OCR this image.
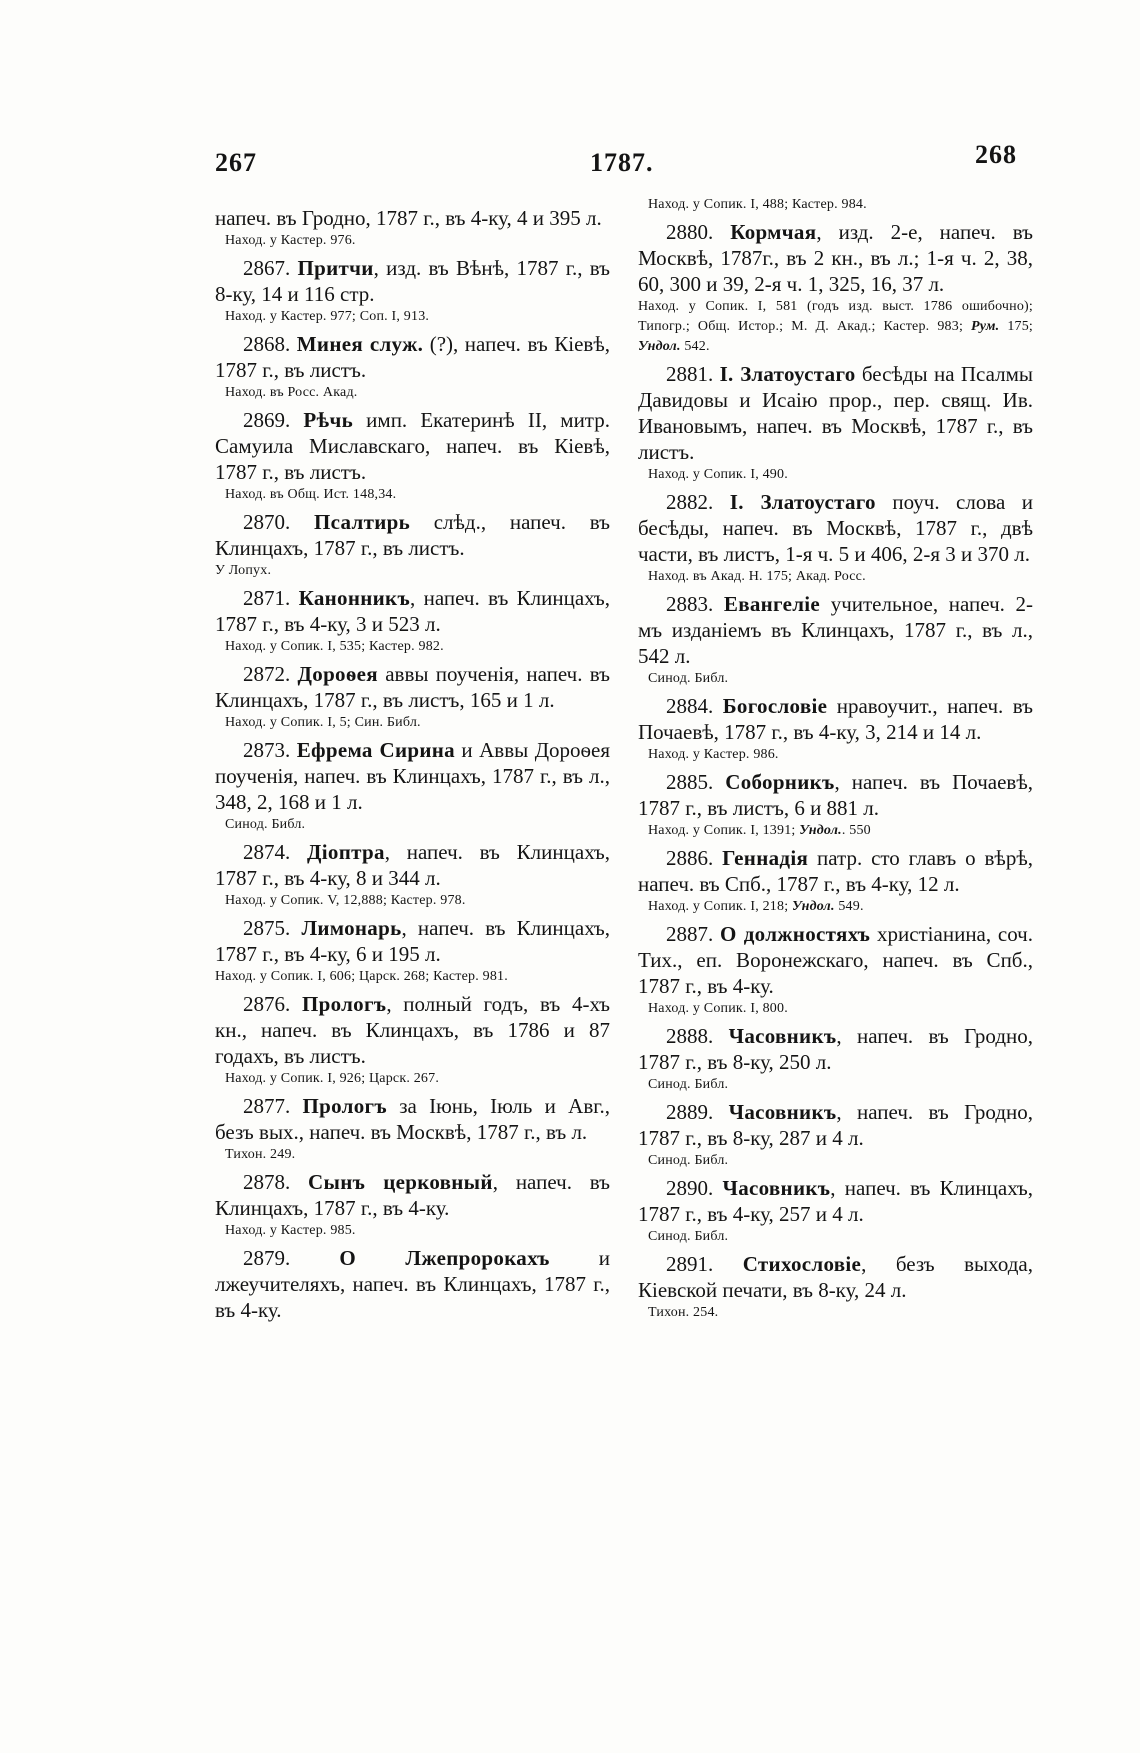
267	1787.	268

напеч. въ Гродно, 1787 г., въ 4-ку, 4 и 395 л.

Наход. у Кастер. 976.

2867. Притчи, изд. въ Вѣнѣ, 1787 г., въ 8-ку, 14 и 116 стр.

Наход. у Кастер. 977; Соп. I, 913.

2868. Минея служ. (?), напеч. въ Кіевѣ, 1787 г., въ листъ.

Наход. въ Росс. Акад.

2869. Рѣчь имп. Екатеринѣ II, митр. Самуила Миславскаго, напеч. въ Кіевѣ, 1787 г., въ листъ.

Наход. въ Общ. Ист. 148,34.

2870. Псалтирь слѣд., напеч. въ Клинцахъ, 1787 г., въ листъ.

У Лопух.

2871. Канонникъ, напеч. въ Клинцахъ, 1787 г., въ 4-ку, 3 и 523 л.

Наход. у Сопик. I, 535; Кастер. 982.

2872. Дороѳея аввы поученія, напеч. въ Клинцахъ, 1787 г., въ листъ, 165 и 1 л.

Наход. у Сопик. I, 5; Син. Библ.

2873. Ефрема Сирина и Аввы Дороѳея поученія, напеч. въ Клинцахъ, 1787 г., въ л., 348, 2, 168 и 1 л.

Синод. Библ.

2874. Діоптра, напеч. въ Клинцахъ, 1787 г., въ 4-ку, 8 и 344 л.

Наход. у Сопик. V, 12,888; Кастер. 978.

2875. Лимонарь, напеч. въ Клинцахъ, 1787 г., въ 4-ку, 6 и 195 л.

Наход. у Сопик. I, 606; Царск. 268; Кастер. 981.

2876. Прологъ, полный годъ, въ 4-хъ кн., напеч. въ Клинцахъ, въ 1786 и 87 годахъ, въ листъ.

Наход. у Сопик. I, 926; Царск. 267.

2877. Прологъ за Іюнь, Іюль и Авг., безъ вых., напеч. въ Москвѣ, 1787 г., въ л.

Тихон. 249.

2878. Сынъ церковный, напеч. въ Клинцахъ, 1787 г., въ 4-ку.

Наход. у Кастер. 985.

2879. О Лжепророкахъ и лжеучителяхъ, напеч. въ Клинцахъ, 1787 г., въ 4-ку.

Наход. у Сопик. I, 488; Кастер. 984.

2880. Кормчая, изд. 2-е, напеч. въ Москвѣ, 1787г., въ 2 кн., въ л.; 1-я ч. 2, 38, 60, 300 и 39, 2-я ч. 1, 325, 16, 37 л.

Наход. у Сопик. I, 581 (годъ изд. выст. 1786 ошибочно); Типогр.; Общ. Истор.; М. Д. Акад.; Кастер. 983; Рум. 175; Ундол. 542.

2881. І. Златоустаго бесѣды на Псалмы Давидовы и Исаію прор., пер. свящ. Ив. Ивановымъ, напеч. въ Москвѣ, 1787 г., въ листъ.

Наход. у Сопик. I, 490.

2882. І. Златоустаго поуч. слова и бесѣды, напеч. въ Москвѣ, 1787 г., двѣ части, въ листъ, 1-я ч. 5 и 406, 2-я 3 и 370 л.

Наход. въ Акад. Н. 175; Акад. Росс.

2883. Евангеліе учительное, напеч. 2-мъ изданіемъ въ Клинцахъ, 1787 г., въ л., 542 л.

Синод. Библ.

2884. Богословіе нравоучит., напеч. въ Почаевѣ, 1787 г., въ 4-ку, 3, 214 и 14 л.

Наход. у Кастер. 986.

2885. Соборникъ, напеч. въ Почаевѣ, 1787 г., въ листъ, 6 и 881 л.

Наход. у Сопик. I, 1391; Ундол.. 550

2886. Геннадія патр. сто главъ о вѣрѣ, напеч. въ Спб., 1787 г., въ 4-ку, 12 л.

Наход. у Сопик. I, 218; Ундол. 549.

2887. О должностяхъ христіанина, соч. Тих., еп. Воронежскаго, напеч. въ Спб., 1787 г., въ 4-ку.

Наход. у Сопик. I, 800.

2888. Часовникъ, напеч. въ Гродно, 1787 г., въ 8-ку, 250 л.

Синод. Библ.

2889. Часовникъ, напеч. въ Гродно, 1787 г., въ 8-ку, 287 и 4 л.

Синод. Библ.

2890. Часовникъ, напеч. въ Клинцахъ, 1787 г., въ 4-ку, 257 и 4 л.

Синод. Библ.

2891. Стихословіе, безъ выхода, Кіевской печати, въ 8-ку, 24 л.

Тихон. 254.
